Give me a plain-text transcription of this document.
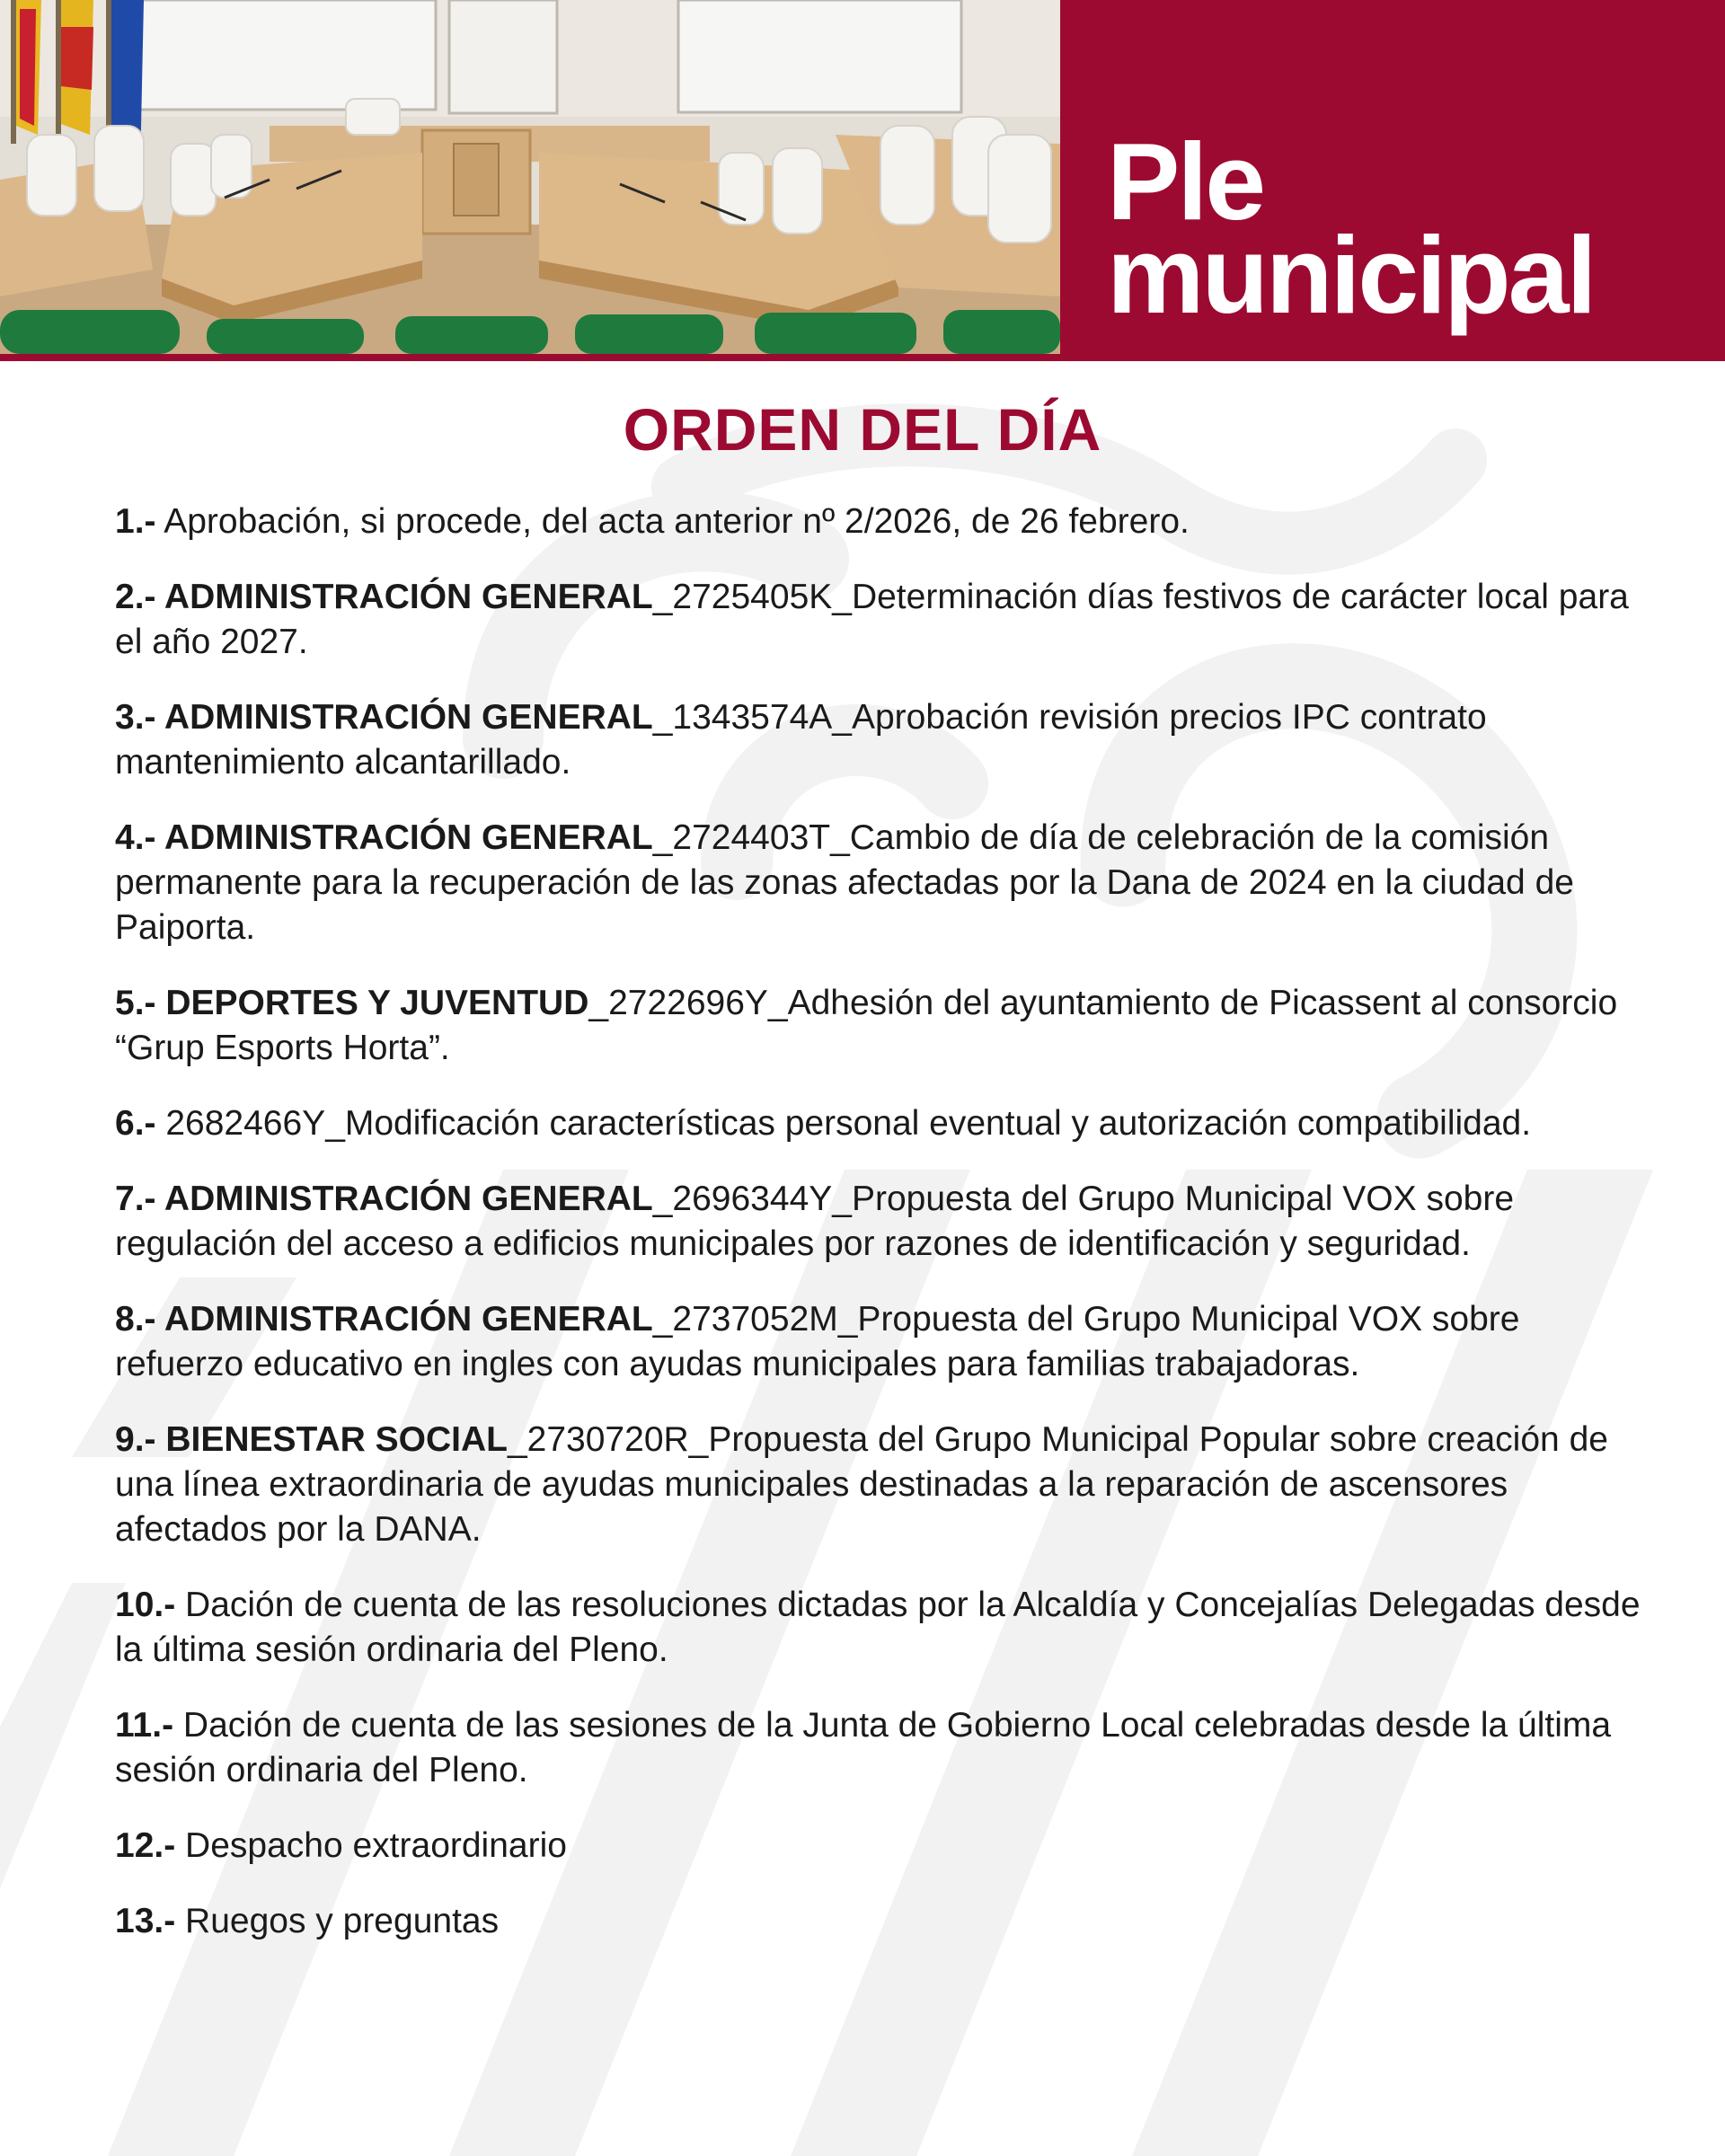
Ple
municipal
ORDEN DEL DÍA
1.- Aprobación, si procede, del acta anterior nº 2/2026, de 26 febrero.
2.- ADMINISTRACIÓN GENERAL_2725405K_Determinación días festivos de carácter local para el año 2027.
3.- ADMINISTRACIÓN GENERAL_1343574A_Aprobación revisión precios IPC contrato mantenimiento alcantarillado.
4.- ADMINISTRACIÓN GENERAL_2724403T_Cambio de día de celebración de la comisión permanente para la recuperación de las zonas afectadas por la Dana de 2024 en la ciudad de Paiporta.
5.- DEPORTES Y JUVENTUD_2722696Y_Adhesión del ayuntamiento de Picassent al consorcio “Grup Esports Horta”.
6.- 2682466Y_Modificación características personal eventual y autorización compatibilidad.
7.- ADMINISTRACIÓN GENERAL_2696344Y_Propuesta del Grupo Municipal VOX sobre regulación del acceso a edificios municipales por razones de identificación y seguridad.
8.- ADMINISTRACIÓN GENERAL_2737052M_Propuesta del Grupo Municipal VOX sobre refuerzo educativo en ingles con ayudas municipales para familias trabajadoras.
9.- BIENESTAR SOCIAL_2730720R_Propuesta del Grupo Municipal Popular sobre creación de una línea extraordinaria de ayudas municipales destinadas a la reparación de ascensores afectados por la DANA.
10.- Dación de cuenta de las resoluciones dictadas por la Alcaldía y Concejalías Delegadas desde la última sesión ordinaria del Pleno.
11.- Dación de cuenta de las sesiones de la Junta de Gobierno Local celebradas desde la última sesión ordinaria del Pleno.
12.- Despacho extraordinario
13.- Ruegos y preguntas
